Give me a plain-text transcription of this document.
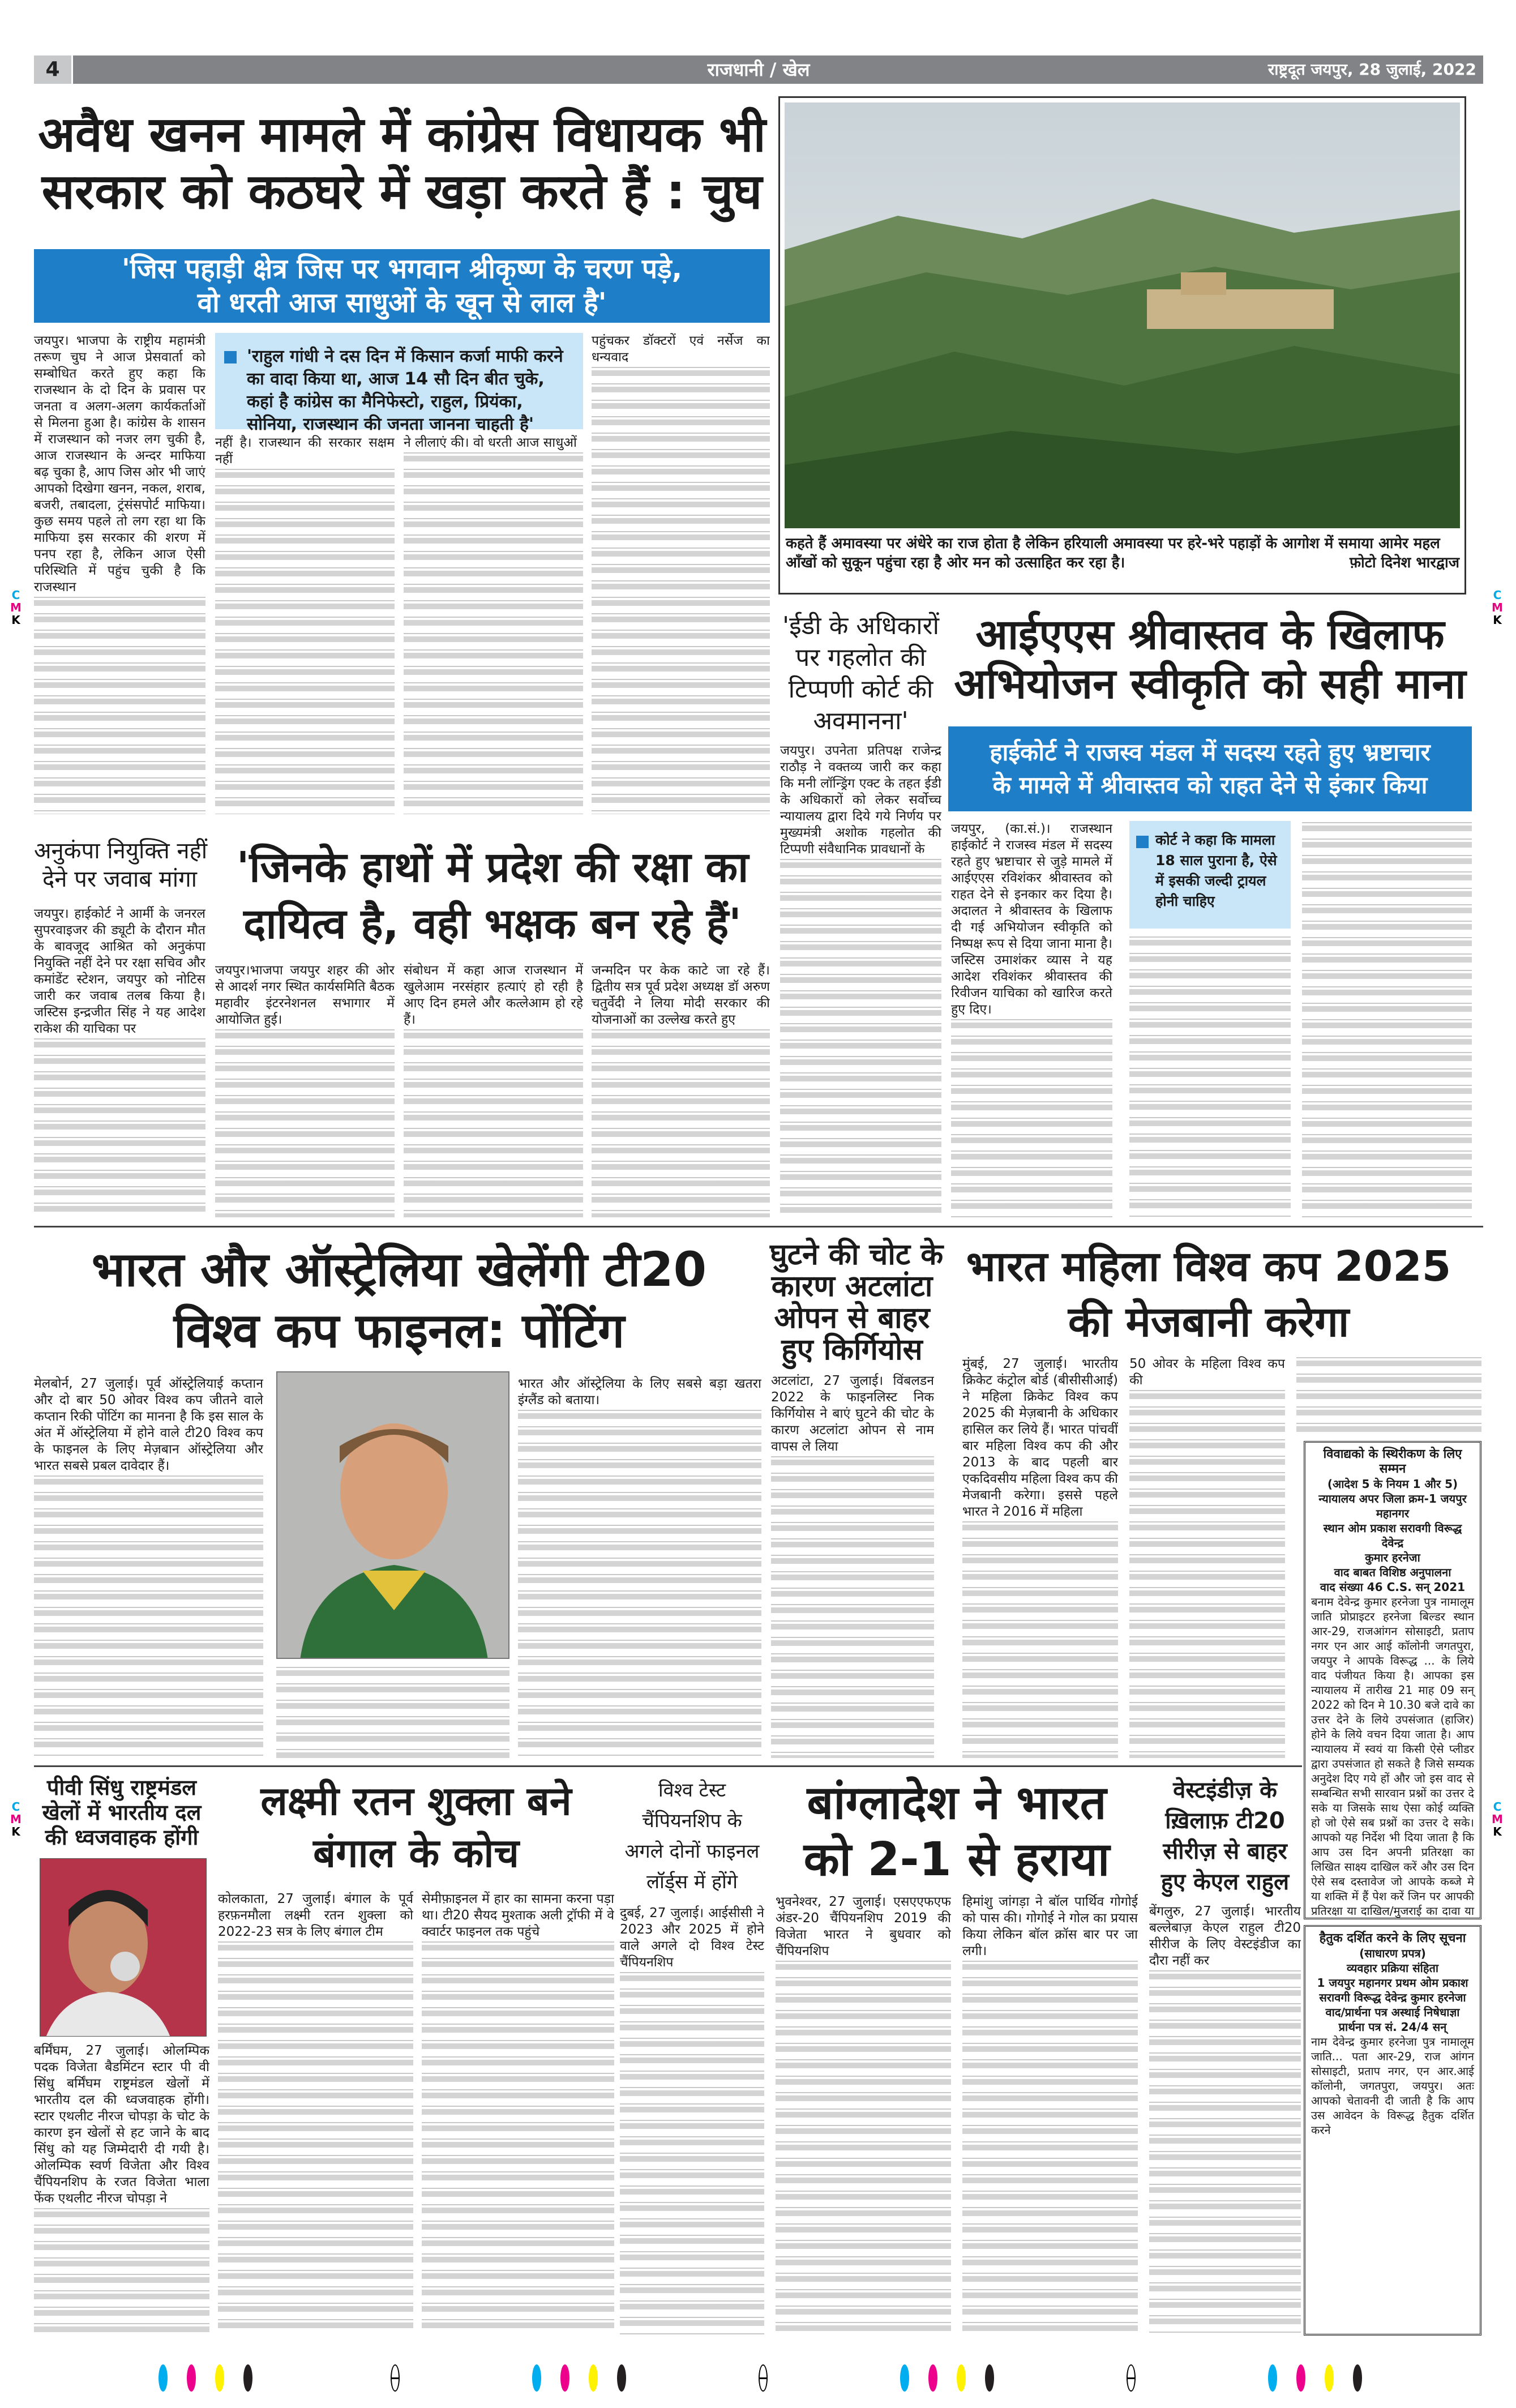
4	राजधानी / खेल	राष्ट्रदूत जयपुर, 28 जुलाई, 2022
अवैध खनन मामले में कांग्रेस विधायक भी
सरकार को कठघरे में खड़ा करते हैं : चुघ
'जिस पहाड़ी क्षेत्र जिस पर भगवान श्रीकृष्ण के चरण पड़े,
वो धरती आज साधुओं के खून से लाल है'

जयपुर। भाजपा के राष्ट्रीय महामंत्री तरूण चुघ ने आज प्रेसवार्ता को सम्बोधित करते हुए कहा कि राजस्थान के दो दिन के प्रवास पर जनता व अलग-अलग कार्यकर्ताओं से मिलना हुआ है। कांग्रेस के शासन में राजस्थान को नजर लग चुकी है, आज राजस्थान के अन्दर माफिया बढ़ चुका है, आप जिस ओर भी जाएं आपको दिखेगा खनन, नकल, शराब, बजरी, तबादला, ट्रंसंसपोर्ट माफिया। कुछ समय पहले तो लग रहा था कि माफिया इस सरकार की शरण में पनप रहा है, लेकिन आज ऐसी परिस्थिति में पहुंच चुकी है कि राजस्थान

'राहुल गांधी ने दस दिन में किसान कर्जा माफी करने का वादा किया था, आज 14 सौ दिन बीत चुके, कहां है कांग्रेस का मैनिफेस्टो, राहुल, प्रियंका, सोनिया, राजस्थान की जनता जानना चाहती है'

नहीं है। राजस्थान की सरकार सक्षम नहीं

ने लीलाएं की। वो धरती आज साधुओं

पहुंचकर डॉक्टरों एवं नर्सेज का धन्यवाद

कहते हैं अमावस्या पर अंधेरे का राज होता है लेकिन हरियाली अमावस्या पर हरे-भरे पहाड़ों के आगोश में समाया आमेर महल आँखों को सुकून पहुंचा रहा है ओर मन को उत्साहित कर रहा है।	फ़ोटो दिनेश भारद्वाज
'ईडी के अधिकारों
पर गहलोत की
टिप्पणी कोर्ट की
अवमानना'

जयपुर। उपनेता प्रतिपक्ष राजेन्द्र राठौड़ ने वक्तव्य जारी कर कहा कि मनी लॉन्ड्रिंग एक्ट के तहत ईडी के अधिकारों को लेकर सर्वोच्च न्यायालय द्वारा दिये गये निर्णय पर मुख्यमंत्री अशोक गहलोत की टिप्पणी संवैधानिक प्रावधानों के

आईएएस श्रीवास्तव के खिलाफ
अभियोजन स्वीकृति को सही माना
हाईकोर्ट ने राजस्व मंडल में सदस्य रहते हुए भ्रष्टाचार
के मामले में श्रीवास्तव को राहत देने से इंकार किया

जयपुर, (का.सं.)। राजस्थान हाईकोर्ट ने राजस्व मंडल में सदस्य रहते हुए भ्रष्टाचार से जुड़े मामले में आईएएस रविशंकर श्रीवास्तव को राहत देने से इनकार कर दिया है। अदालत ने श्रीवास्तव के खिलाफ दी गई अभियोजन स्वीकृति को निष्पक्ष रूप से दिया जाना माना है। जस्टिस उमाशंकर व्यास ने यह आदेश रविशंकर श्रीवास्तव की रिवीजन याचिका को खारिज करते हुए दिए।

कोर्ट ने कहा कि मामला 18 साल पुराना है, ऐसे में इसकी जल्दी ट्रायल होनी चाहिए
अनुकंपा नियुक्ति नहीं
देने पर जवाब मांगा

जयपुर। हाईकोर्ट ने आर्मी के जनरल सुपरवाइजर की ड्यूटी के दौरान मौत के बावजूद आश्रित को अनुकंपा नियुक्ति नहीं देने पर रक्षा सचिव और कमांडेंट स्टेशन, जयपुर को नोटिस जारी कर जवाब तलब किया है। जस्टिस इन्द्रजीत सिंह ने यह आदेश राकेश की याचिका पर

'जिनके हाथों में प्रदेश की रक्षा का
दायित्व है, वही भक्षक बन रहे हैं'

जयपुर।भाजपा जयपुर शहर की ओर से आदर्श नगर स्थित कार्यसमिति बैठक महावीर इंटरनेशनल सभागार में आयोजित हुई।

संबोधन में कहा आज राजस्थान में खुलेआम नरसंहार हत्याएं हो रही है आए दिन हमले और कत्लेआम हो रहे हैं।

जन्मदिन पर केक काटे जा रहे हैं। द्वितीय सत्र पूर्व प्रदेश अध्यक्ष डॉ अरुण चतुर्वेदी ने लिया मोदी सरकार की योजनाओं का उल्लेख करते हुए

भारत और ऑस्ट्रेलिया खेलेंगी टी20
विश्व कप फाइनल: पोंटिंग

मेलबोर्न, 27 जुलाई। पूर्व ऑस्ट्रेलियाई कप्तान और दो बार 50 ओवर विश्व कप जीतने वाले कप्तान रिकी पोंटिंग का मानना है कि इस साल के अंत में ऑस्ट्रेलिया में होने वाले टी20 विश्व कप के फाइनल के लिए मेज़बान ऑस्ट्रेलिया और भारत सबसे प्रबल दावेदार हैं।

भारत और ऑस्ट्रेलिया के लिए सबसे बड़ा खतरा इंग्लैंड को बताया।

घुटने की चोट के
कारण अटलांटा
ओपन से बाहर
हुए किर्गियोस

अटलांटा, 27 जुलाई। विंबलडन 2022 के फाइनलिस्ट निक किर्गियोस ने बाएं घुटने की चोट के कारण अटलांटा ओपन से नाम वापस ले लिया

भारत महिला विश्व कप 2025
की मेजबानी करेगा

मुंबई, 27 जुलाई। भारतीय क्रिकेट कंट्रोल बोर्ड (बीसीसीआई) ने महिला क्रिकेट विश्व कप 2025 की मेज़बानी के अधिकार हासिल कर लिये हैं। भारत पांचवीं बार महिला विश्व कप की और 2013 के बाद पहली बार एकदिवसीय महिला विश्व कप की मेजबानी करेगा। इससे पहले भारत ने 2016 में महिला

50 ओवर के महिला विश्व कप की

विवाद्यको के स्थिरीकण के लिए सम्मन
(आदेश 5 के नियम 1 और 5)
न्यायालय अपर जिला क्रम-1 जयपुर महानगर
स्थान ओम प्रकाश सरावगी विरूद्ध देवेन्द्र
कुमार हरनेजा
वाद बाबत विशिष्ठ अनुपालना
वाद संख्या 46 C.S. सन् 2021
बनाम देवेन्द्र कुमार हरनेजा पुत्र नामालूम जाति प्रोप्राइटर हरनेजा बिल्डर स्थान आर-29, राजआंगन सोसाइटी, प्रताप नगर एन आर आई कॉलोनी जगतपुरा, जयपुर ने आपके विरूद्ध ... के लिये वाद पंजीयत किया है। आपका इस न्यायालय में तारीख 21 माह 09 सन् 2022 को दिन मे 10.30 बजे दावे का उत्तर देने के लिये उपसंजात (हाजिर) होने के लिये वचन दिया जाता है। आप न्यायालय में स्वयं या किसी ऐसे प्लीडर द्वारा उपसंजात हो सकते है जिसे सम्यक अनुदेश दिए गये हों और जो इस वाद से सम्बन्धित सभी सारवान प्रश्नों का उत्तर दे सके या जिसके साथ ऐसा कोई व्यक्ति हो जो ऐसे सब प्रश्नों का उत्तर दे सके। आपको यह निर्देश भी दिया जाता है कि आप उस दिन अपनी प्रतिरक्षा का लिखित साक्ष्य दाखिल करें और उस दिन ऐसे सब दस्तावेज जो आपके कब्जे मे या शक्ति में हैं पेश करें जिन पर आपकी प्रतिरक्षा या दाखिल/मुजराई का दावा या
पीवी सिंधु राष्ट्रमंडल
खेलों में भारतीय दल
की ध्वजवाहक होंगी

बर्मिंघम, 27 जुलाई। ओलम्पिक पदक विजेता बैडमिंटन स्टार पी वी सिंधु बर्मिंघम राष्ट्रमंडल खेलों में भारतीय दल की ध्वजवाहक होंगी। स्टार एथलीट नीरज चोपड़ा के चोट के कारण इन खेलों से हट जाने के बाद सिंधु को यह जिम्मेदारी दी गयी है। ओलम्पिक स्वर्ण विजेता और विश्व चैंपियनशिप के रजत विजेता भाला फेंक एथलीट नीरज चोपड़ा ने

लक्ष्मी रतन शुक्ला बने
बंगाल के कोच

कोलकाता, 27 जुलाई। बंगाल के पूर्व हरफ़नमौला लक्ष्मी रतन शुक्ला को 2022-23 सत्र के लिए बंगाल टीम

सेमीफ़ाइनल में हार का सामना करना पड़ा था। टी20 सैयद मुश्ताक अली ट्रॉफी में वे क्वार्टर फाइनल तक पहुंचे

विश्व टेस्ट
चैंपियनशिप के
अगले दोनों फाइनल
लॉर्ड्स में होंगे

दुबई, 27 जुलाई। आईसीसी ने 2023 और 2025 में होने वाले अगले दो विश्व टेस्ट चैंपियनशिप

बांग्लादेश ने भारत
को 2-1 से हराया

भुवनेश्वर, 27 जुलाई। एसएएफएफ अंडर-20 चैंपियनशिप 2019 की विजेता भारत ने बुधवार को चैंपियनशिप

हिमांशु जांगड़ा ने बॉल पार्थिव गोगोई को पास की। गोगोई ने गोल का प्रयास किया लेकिन बॉल क्रॉस बार पर जा लगी।

वेस्टइंडीज़ के
ख़िलाफ़ टी20
सीरीज़ से बाहर
हुए केएल राहुल

बेंगलुरु, 27 जुलाई। भारतीय बल्लेबाज़ केएल राहुल टी20 सीरीज के लिए वेस्टइंडीज का दौरा नहीं कर

हैतुक दर्शित करने के लिए सूचना
(साधारण प्रपत्र)
व्यवहार प्रक्रिया संहिता
1 जयपुर महानगर प्रथम ओम प्रकाश सरावगी विरूद्ध देवेन्द्र कुमार हरनेजा
वाद/प्रार्थना पत्र अस्थाई निषेधाज्ञा
प्रार्थना पत्र सं. 24/4 सन्
नाम देवेन्द्र कुमार हरनेजा पुत्र नामालूम जाति... पता आर-29, राज आंगन सोसाइटी, प्रताप नगर, एन आर.आई कॉलोनी, जगतपुरा, जयपुर। अतः आपको चेतावनी दी जाती है कि आप उस आवेदन के विरूद्ध हैतुक दर्शित करने
C
M
K
C
M
K
C
M
K
C
M
K
